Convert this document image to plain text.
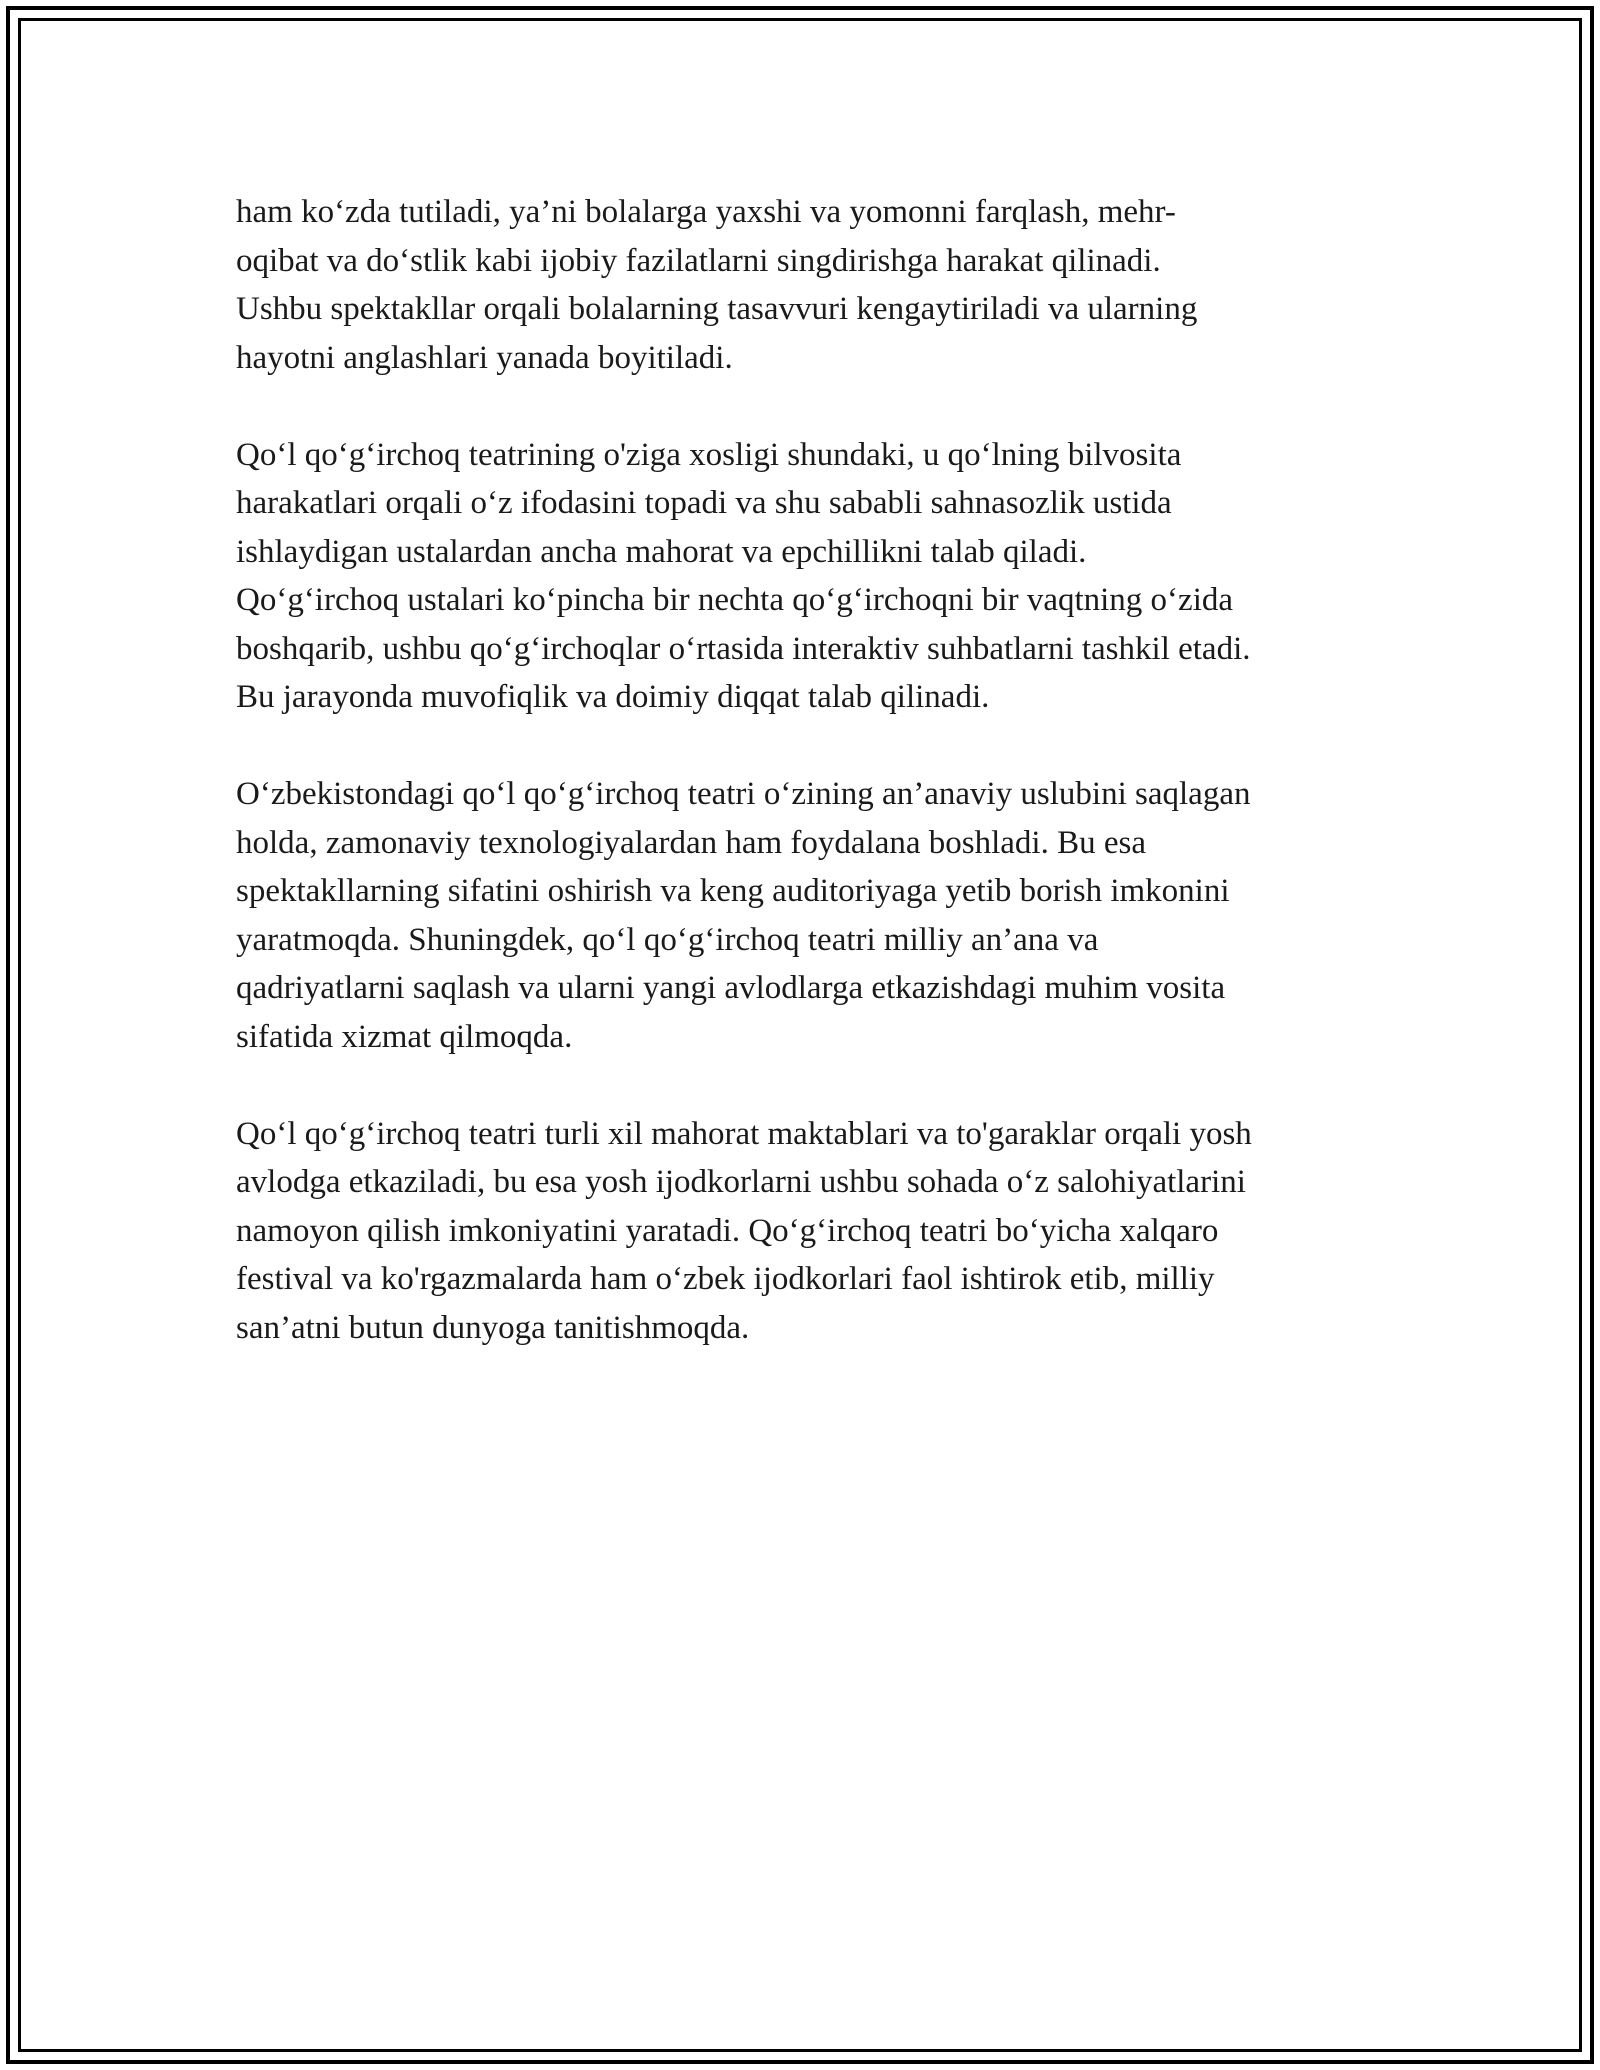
ham ko‘zda tutiladi, ya’ni bolalarga yaxshi va yomonni farqlash, mehr-
oqibat va do‘stlik kabi ijobiy fazilatlarni singdirishga harakat qilinadi.
Ushbu spektakllar orqali bolalarning tasavvuri kengaytiriladi va ularning
hayotni anglashlari yanada boyitiladi.

Qo‘l qo‘g‘irchoq teatrining o'ziga xosligi shundaki, u qo‘lning bilvosita
harakatlari orqali o‘z ifodasini topadi va shu sababli sahnasozlik ustida
ishlaydigan ustalardan ancha mahorat va epchillikni talab qiladi.
Qo‘g‘irchoq ustalari ko‘pincha bir nechta qo‘g‘irchoqni bir vaqtning o‘zida
boshqarib, ushbu qo‘g‘irchoqlar o‘rtasida interaktiv suhbatlarni tashkil etadi.
Bu jarayonda muvofiqlik va doimiy diqqat talab qilinadi.

O‘zbekistondagi qo‘l qo‘g‘irchoq teatri o‘zining an’anaviy uslubini saqlagan
holda, zamonaviy texnologiyalardan ham foydalana boshladi. Bu esa
spektakllarning sifatini oshirish va keng auditoriyaga yetib borish imkonini
yaratmoqda. Shuningdek, qo‘l qo‘g‘irchoq teatri milliy an’ana va
qadriyatlarni saqlash va ularni yangi avlodlarga etkazishdagi muhim vosita
sifatida xizmat qilmoqda.

Qo‘l qo‘g‘irchoq teatri turli xil mahorat maktablari va to'garaklar orqali yosh
avlodga etkaziladi, bu esa yosh ijodkorlarni ushbu sohada o‘z salohiyatlarini
namoyon qilish imkoniyatini yaratadi. Qo‘g‘irchoq teatri bo‘yicha xalqaro
festival va ko'rgazmalarda ham o‘zbek ijodkorlari faol ishtirok etib, milliy
san’atni butun dunyoga tanitishmoqda.
